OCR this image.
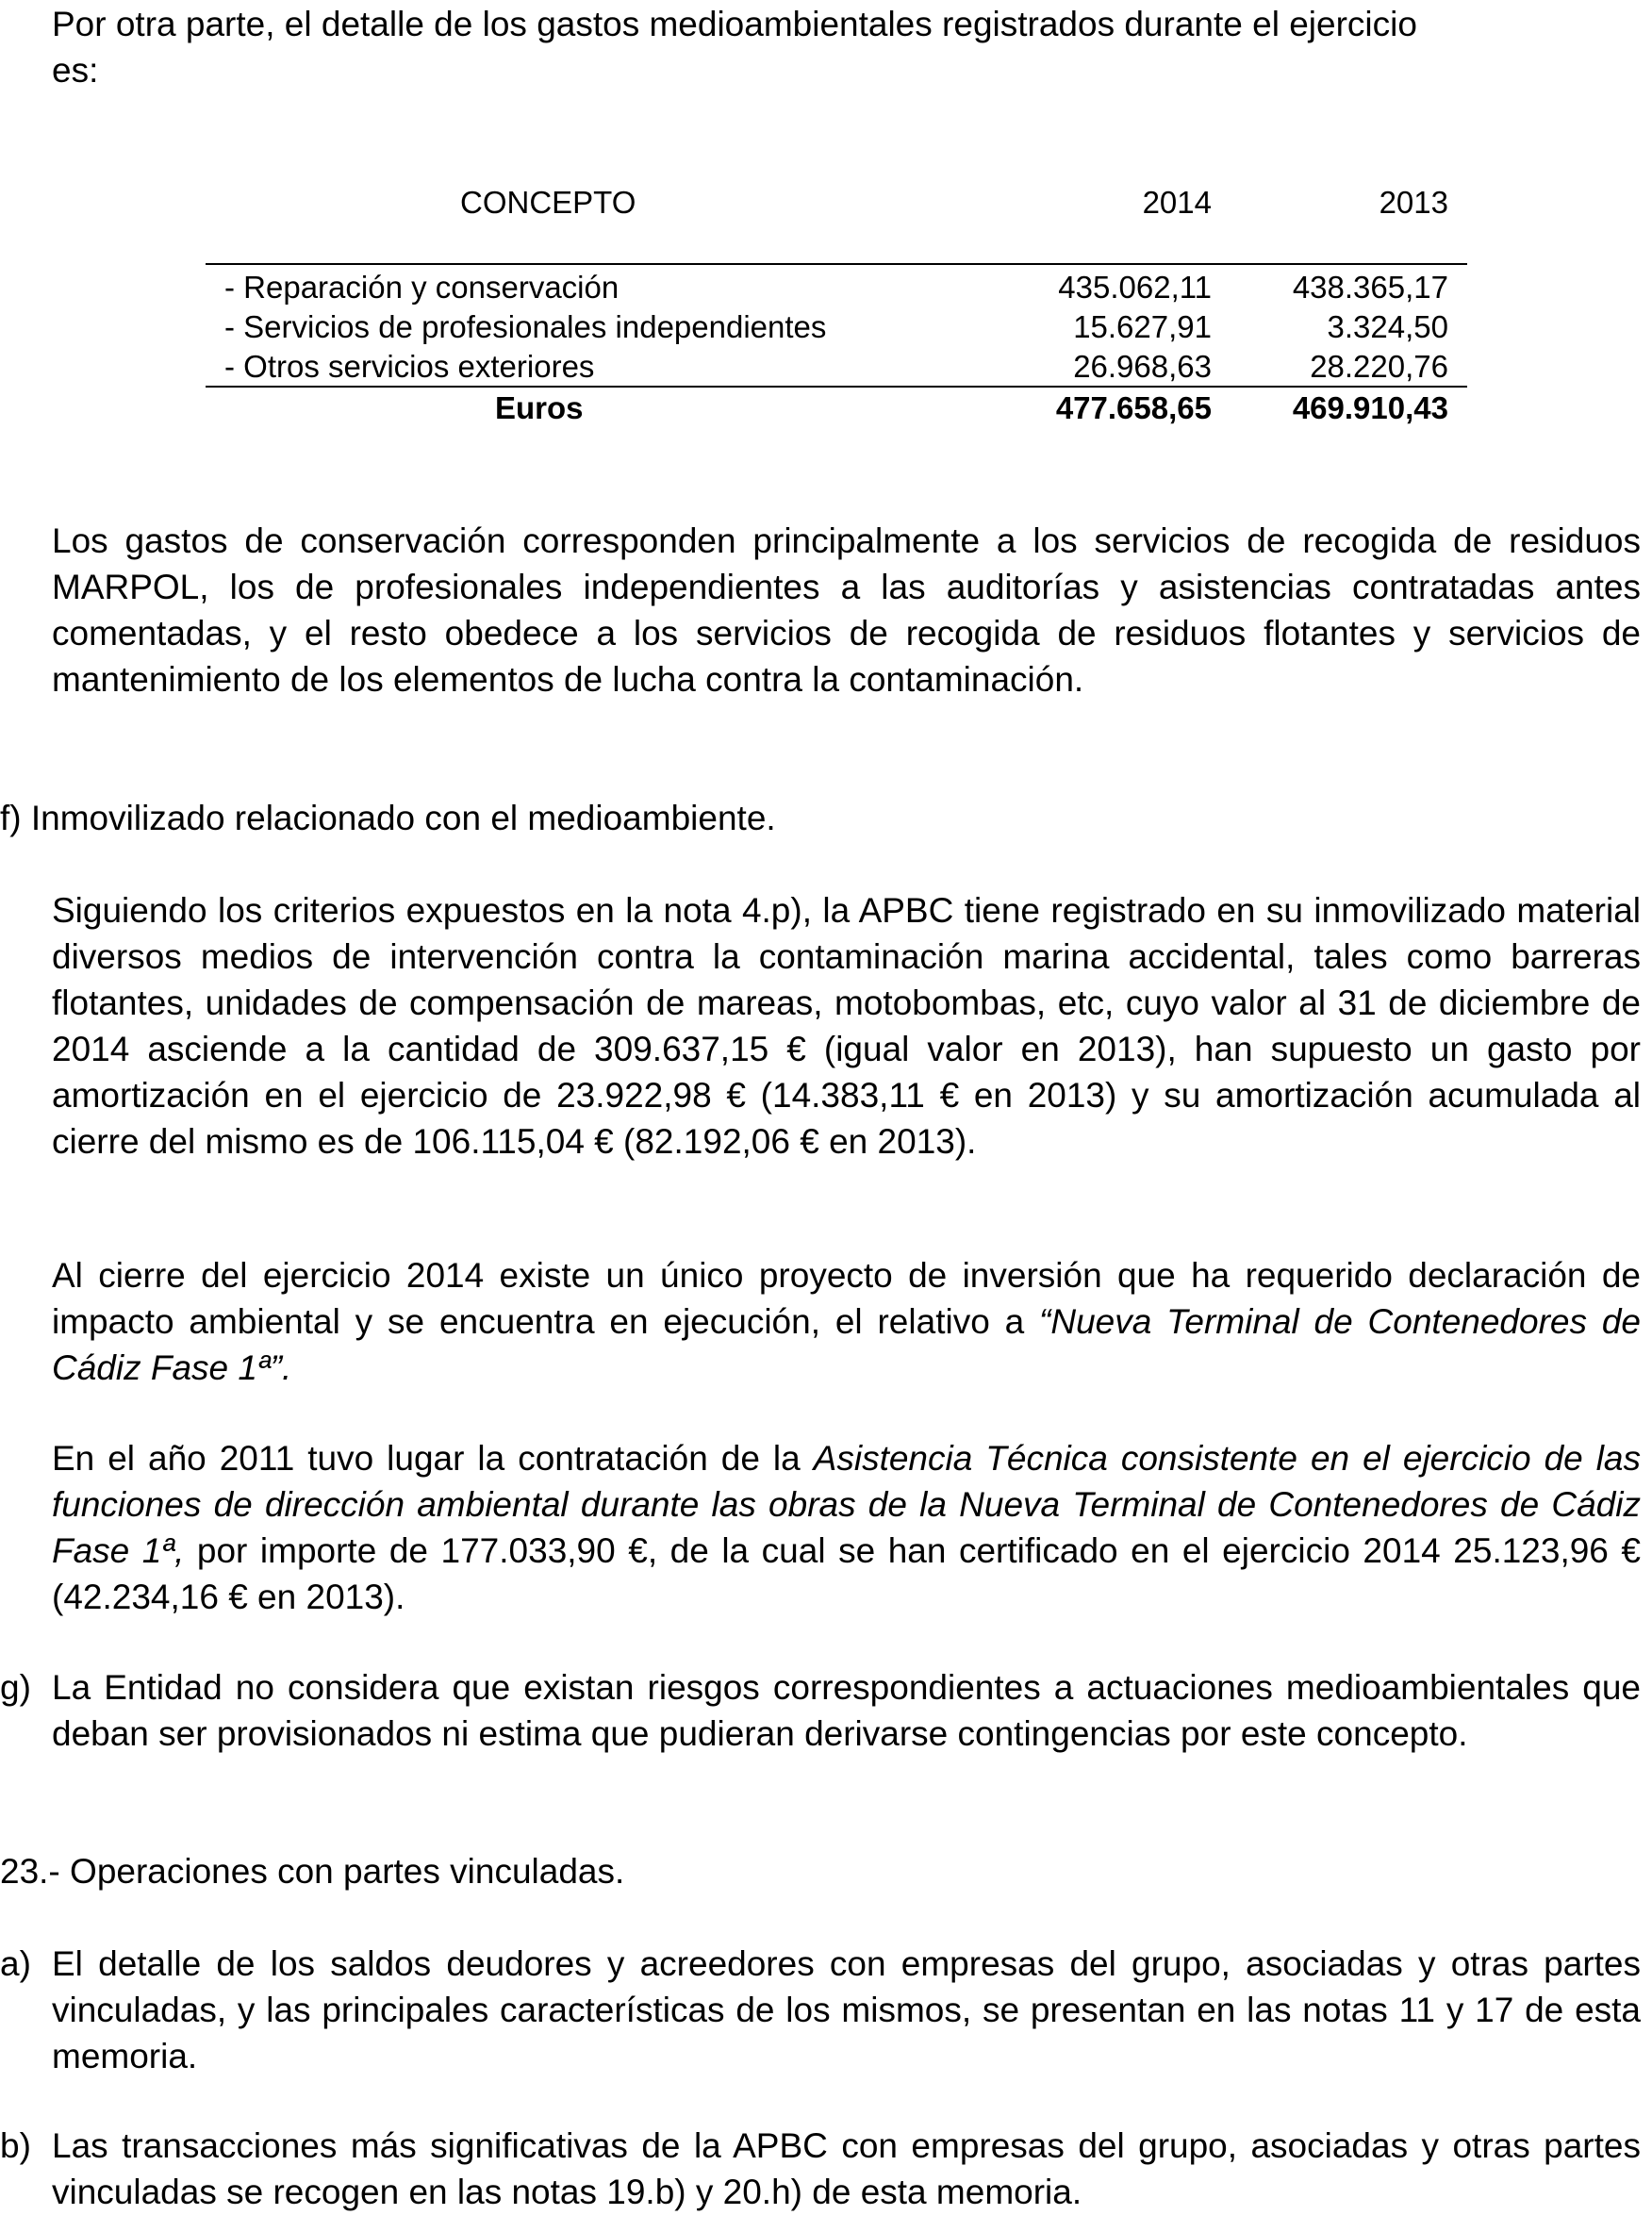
Por otra parte, el detalle de los gastos medioambientales registrados durante el ejercicio
es:

CONCEPTO	2014	2013
- Reparación y conservación	435.062,11	438.365,17
- Servicios de profesionales independientes	15.627,91	3.324,50
- Otros servicios exteriores	26.968,63	28.220,76
Euros	477.658,65	469.910,43

Los gastos de conservación corresponden principalmente a los servicios de recogida de residuos MARPOL, los de profesionales independientes a las auditorías y asistencias contratadas antes comentadas, y el resto obedece a los servicios de recogida de residuos flotantes y servicios de mantenimiento de los elementos de lucha contra la contaminación.

f) Inmovilizado relacionado con el medioambiente.

Siguiendo los criterios expuestos en la nota 4.p), la APBC tiene registrado en su inmovilizado material diversos medios de intervención contra la contaminación marina accidental, tales como barreras flotantes, unidades de compensación de mareas, motobombas, etc, cuyo valor al 31 de diciembre de 2014 asciende a la cantidad de 309.637,15 € (igual valor en 2013), han supuesto un gasto por amortización en el ejercicio de 23.922,98 € (14.383,11 € en 2013) y su amortización acumulada al cierre del mismo es de 106.115,04 € (82.192,06 € en 2013).

Al cierre del ejercicio 2014 existe un único proyecto de inversión que ha requerido declaración de impacto ambiental y se encuentra en ejecución, el relativo a “Nueva Terminal de Contenedores de Cádiz Fase 1ª”.

En el año 2011 tuvo lugar la contratación de la Asistencia Técnica consistente en el ejercicio de las funciones de dirección ambiental durante las obras de la Nueva Terminal de Contenedores de Cádiz Fase 1ª, por importe de 177.033,90 €, de la cual se han certificado en el ejercicio 2014 25.123,96 € (42.234,16 € en 2013).

g) La Entidad no considera que existan riesgos correspondientes a actuaciones medioambientales que deban ser provisionados ni estima que pudieran derivarse contingencias por este concepto.

23.- Operaciones con partes vinculadas.

a) El detalle de los saldos deudores y acreedores con empresas del grupo, asociadas y otras partes vinculadas, y las principales características de los mismos, se presentan en las notas 11 y 17 de esta memoria.
b) Las transacciones más significativas de la APBC con empresas del grupo, asociadas y otras partes vinculadas se recogen en las notas 19.b) y 20.h) de esta memoria.
